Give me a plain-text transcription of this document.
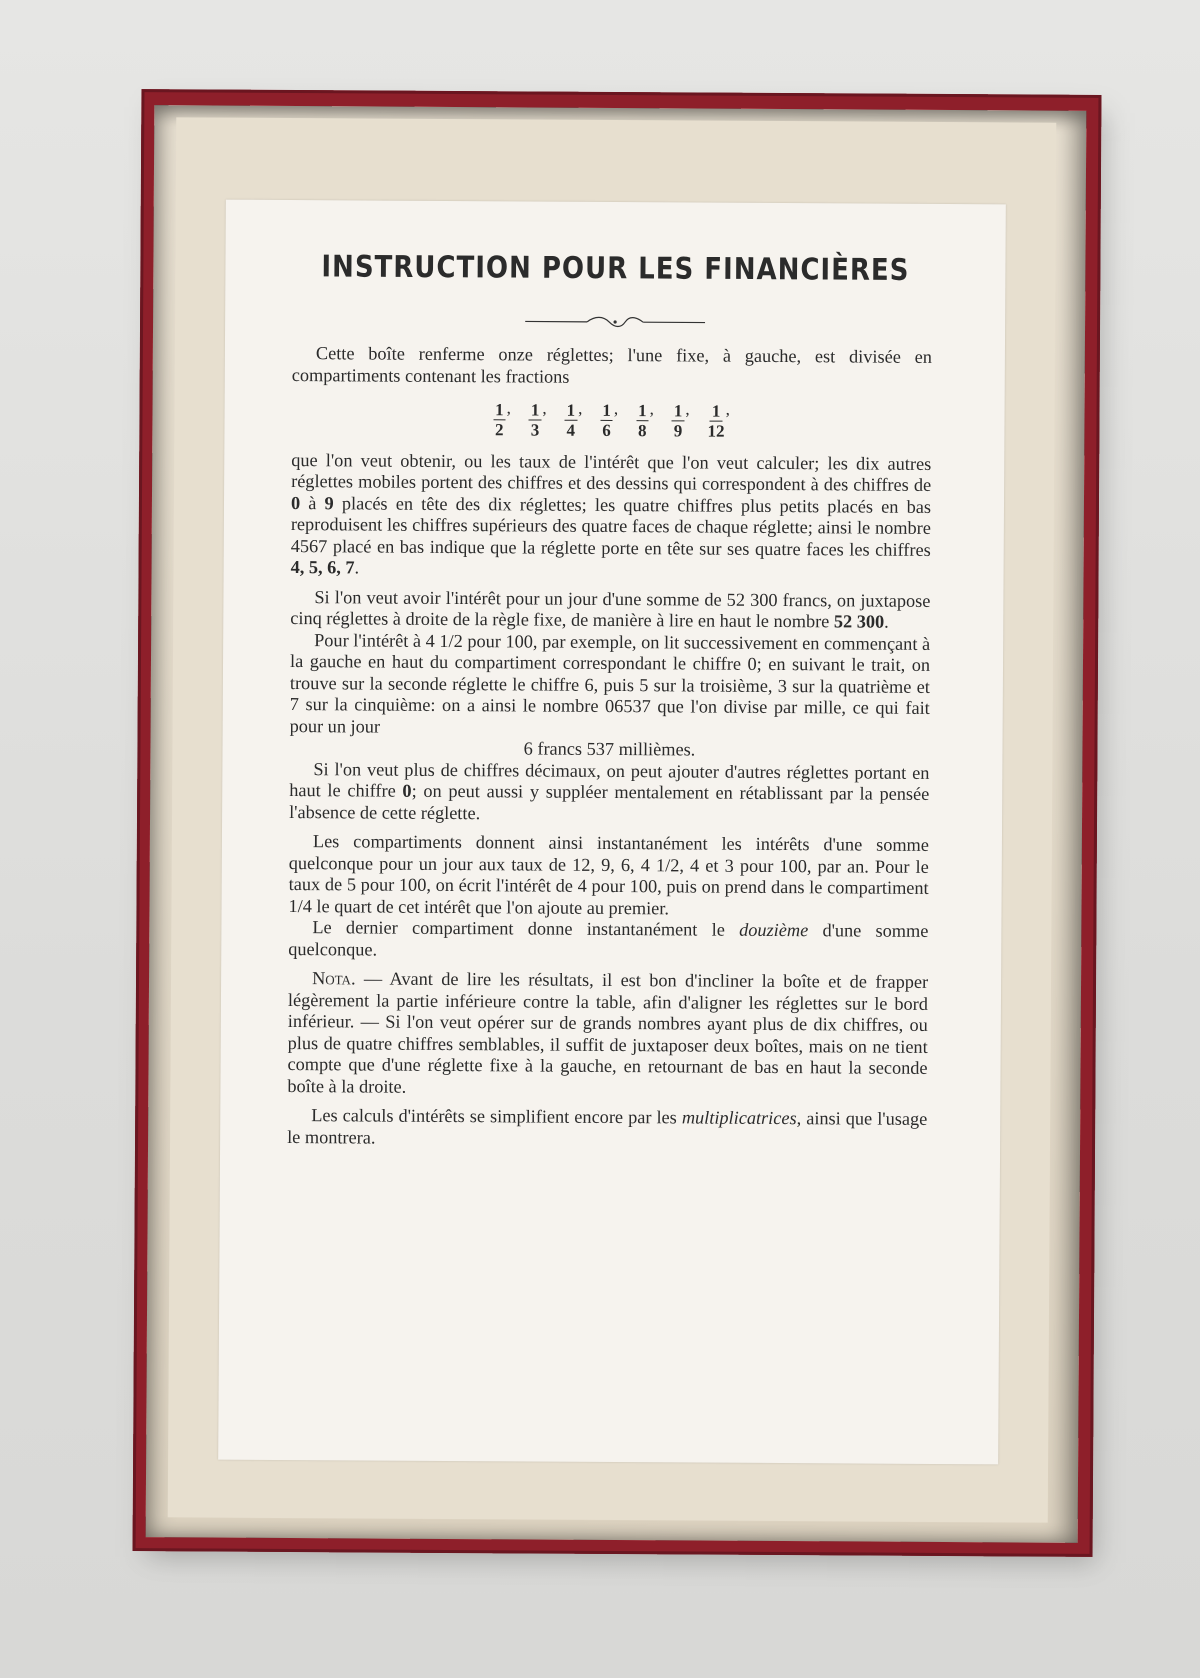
INSTRUCTION POUR LES FINANCIÈRES

Cette boîte renferme onze réglettes; l'une fixe, à gauche, est divisée en compartiments contenant les fractions

$\frac{1}{2}$ , $\frac{1}{3}$ , $\frac{1}{4}$ , $\frac{1}{6}$ , $\frac{1}{8}$ , $\frac{1}{9}$ , $\frac{1}{12}$ ,

que l'on veut obtenir, ou les taux de l'intérêt que l'on veut calculer; les dix autres réglettes mobiles portent des chiffres et des dessins qui correspondent à des chiffres de 0 à 9 placés en tête des dix réglettes; les quatre chiffres plus petits placés en bas reproduisent les chiffres supérieurs des quatre faces de chaque réglette; ainsi le nombre 4567 placé en bas indique que la réglette porte en tête sur ses quatre faces les chiffres 4, 5, 6, 7.

Si l'on veut avoir l'intérêt pour un jour d'une somme de 52 300 francs, on juxtapose cinq réglettes à droite de la règle fixe, de manière à lire en haut le nombre 52 300.

Pour l'intérêt à 4 1/2 pour 100, par exemple, on lit successivement en commençant à la gauche en haut du compartiment correspondant le chiffre 0; en suivant le trait, on trouve sur la seconde réglette le chiffre 6, puis 5 sur la troisième, 3 sur la quatrième et 7 sur la cinquième: on a ainsi le nombre 06537 que l'on divise par mille, ce qui fait pour un jour

6 francs 537 millièmes.

Si l'on veut plus de chiffres décimaux, on peut ajouter d'autres réglettes portant en haut le chiffre 0; on peut aussi y suppléer mentalement en rétablissant par la pensée l'absence de cette réglette.

Les compartiments donnent ainsi instantanément les intérêts d'une somme quelconque pour un jour aux taux de 12, 9, 6, 4 1/2, 4 et 3 pour 100, par an. Pour le taux de 5 pour 100, on écrit l'intérêt de 4 pour 100, puis on prend dans le compartiment 1/4 le quart de cet intérêt que l'on ajoute au premier.

Le dernier compartiment donne instantanément le douzième d'une somme quelconque.

Nota. — Avant de lire les résultats, il est bon d'incliner la boîte et de frapper légèrement la partie inférieure contre la table, afin d'aligner les réglettes sur le bord inférieur. — Si l'on veut opérer sur de grands nombres ayant plus de dix chiffres, ou plus de quatre chiffres semblables, il suffit de juxtaposer deux boîtes, mais on ne tient compte que d'une réglette fixe à la gauche, en retournant de bas en haut la seconde boîte à la droite.

Les calculs d'intérêts se simplifient encore par les multiplicatrices, ainsi que l'usage le montrera.
